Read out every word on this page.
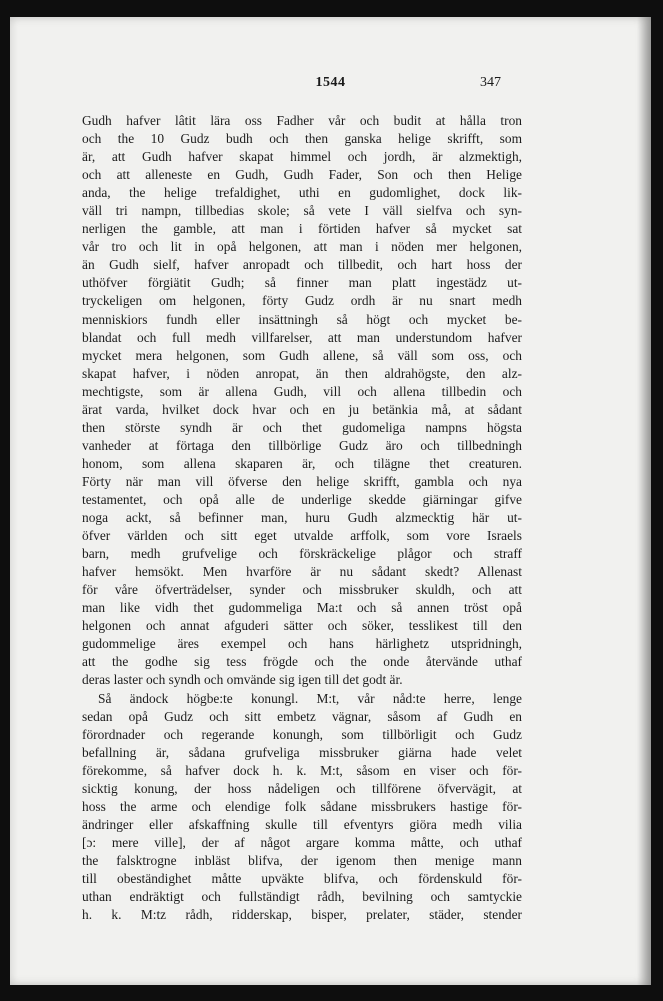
1544	347
Gudh hafver lâtit lära oss Fadher vår och budit at hålla tron
och the 10 Gudz budh och then ganska helige skrifft, som
är, att Gudh hafver skapat himmel och jordh, är alzmektigh,
och att alleneste en Gudh, Gudh Fader, Son och then Helige
anda, the helige trefaldighet, uthi en gudomlighet, dock lik-
väll tri nampn, tillbedias skole; så vete I väll sielfva och syn-
nerligen the gamble, att man i förtiden hafver så mycket sat
vår tro och lit in opå helgonen, att man i nöden mer helgonen,
än Gudh sielf, hafver anropadt och tillbedit, och hart hoss der
uthöfver förgiätit Gudh; så finner man platt ingestädz ut-
tryckeligen om helgonen, förty Gudz ordh är nu snart medh
menniskiors fundh eller insättningh så högt och mycket be-
blandat och full medh villfarelser, att man understundom hafver
mycket mera helgonen, som Gudh allene, så väll som oss, och
skapat hafver, i nöden anropat, än then aldrahögste, den alz-
mechtigste, som är allena Gudh, vill och allena tillbedin och
ärat varda, hvilket dock hvar och en ju betänkia må, at sådant
then störste syndh är och thet gudomeliga nampns högsta
vanheder at förtaga den tillbörlige Gudz äro och tillbedningh
honom, som allena skaparen är, och tilägne thet creaturen.
Förty när man vill öfverse den helige skrifft, gambla och nya
testamentet, och opå alle de underlige skedde giärningar gifve
noga ackt, så befinner man, huru Gudh alzmecktig här ut-
öfver världen och sitt eget utvalde arffolk, som vore Israels
barn, medh grufvelige och förskräckelige plågor och straff
hafver hemsökt. Men hvarföre är nu sådant skedt? Allenast
för våre öfverträdelser, synder och missbruker skuldh, och att
man like vidh thet gudommeliga Ma:t och så annen tröst opå
helgonen och annat afguderi sätter och söker, tesslikest till den
gudommelige äres exempel och hans härlighetz utspridningh,
att the godhe sig tess frögde och the onde återvände uthaf
deras laster och syndh och omvände sig igen till det godt är.
Så ändock högbe:te konungl. M:t, vår nåd:te herre, lenge
sedan opå Gudz och sitt embetz vägnar, såsom af Gudh en
förordnader och regerande konungh, som tillbörligit och Gudz
befallning är, sådana grufveliga missbruker giärna hade velet
förekomme, så hafver dock h. k. M:t, såsom en viser och för-
sicktig konung, der hoss nådeligen och tillförene öfvervägit, at
hoss the arme och elendige folk sådane missbrukers hastige för-
ändringer eller afskaffning skulle till efventyrs giöra medh vilia
[ɔ: mere ville], der af något argare komma måtte, och uthaf
the falsktrogne inbläst blifva, der igenom then menige mann
till obeständighet måtte upväkte blifva, och fördenskuld för-
uthan endräktigt och fullständigt rådh, bevilning och samtyckie
h. k. M:tz rådh, ridderskap, bisper, prelater, städer, stender
